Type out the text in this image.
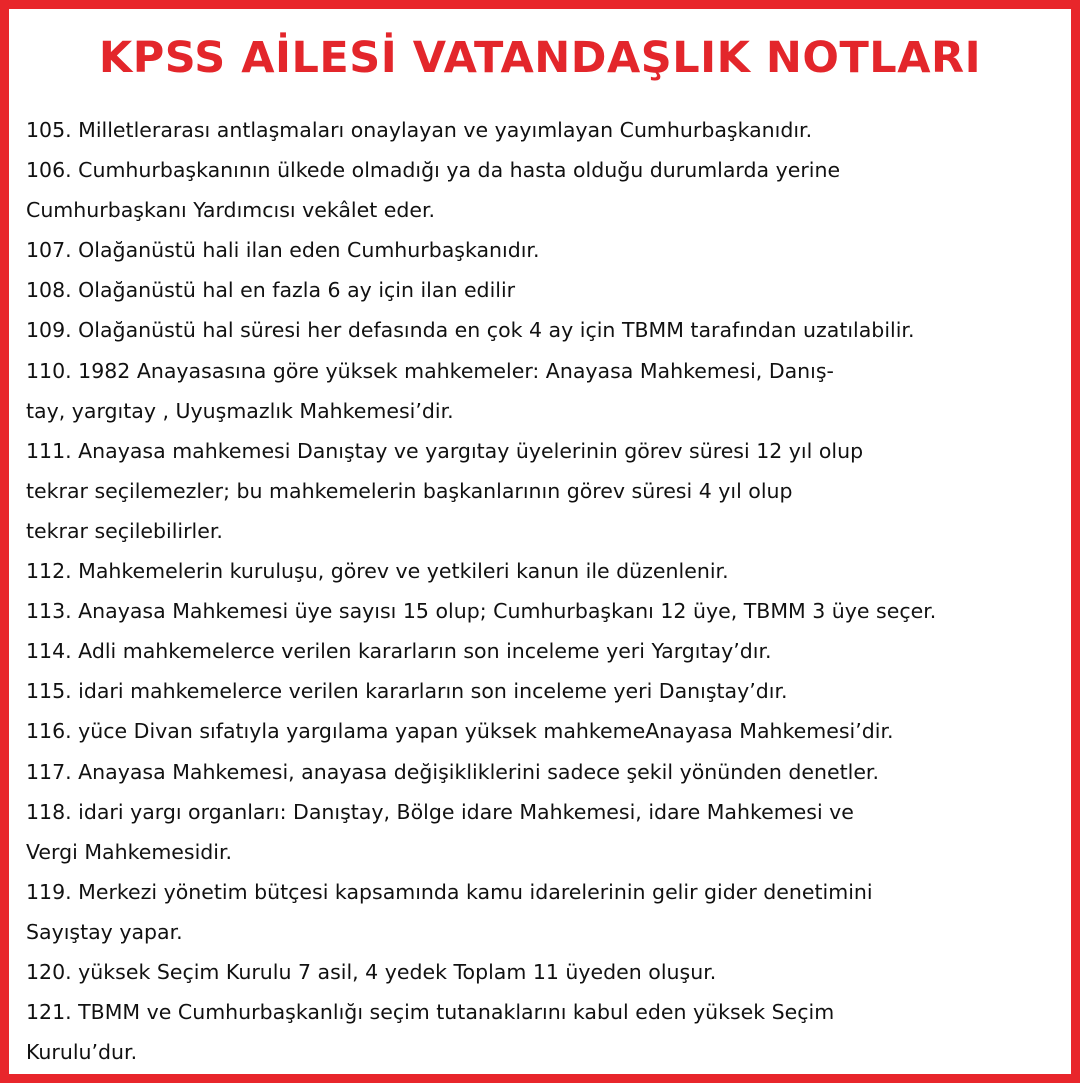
KPSS AİLESİ VATANDAŞLIK NOTLARI
105. Milletlerarası antlaşmaları onaylayan ve yayımlayan Cumhurbaşkanıdır.
106. Cumhurbaşkanının ülkede olmadığı ya da hasta olduğu durumlarda yerine
Cumhurbaşkanı Yardımcısı vekâlet eder.
107. Olağanüstü hali ilan eden Cumhurbaşkanıdır.
108. Olağanüstü hal en fazla 6 ay için ilan edilir
109. Olağanüstü hal süresi her defasında en çok 4 ay için TBMM tarafından uzatılabilir.
110. 1982 Anayasasına göre yüksek mahkemeler: Anayasa Mahkemesi, Danış-
tay, yargıtay , Uyuşmazlık Mahkemesi’dir.
111. Anayasa mahkemesi Danıştay ve yargıtay üyelerinin görev süresi 12 yıl olup
tekrar seçilemezler; bu mahkemelerin başkanlarının görev süresi 4 yıl olup
tekrar seçilebilirler.
112. Mahkemelerin kuruluşu, görev ve yetkileri kanun ile düzenlenir.
113. Anayasa Mahkemesi üye sayısı 15 olup; Cumhurbaşkanı 12 üye, TBMM 3 üye seçer.
114. Adli mahkemelerce verilen kararların son inceleme yeri Yargıtay’dır.
115. idari mahkemelerce verilen kararların son inceleme yeri Danıştay’dır.
116. yüce Divan sıfatıyla yargılama yapan yüksek mahkemeAnayasa Mahkemesi’dir.
117. Anayasa Mahkemesi, anayasa değişikliklerini sadece şekil yönünden denetler.
118. idari yargı organları: Danıştay, Bölge idare Mahkemesi, idare Mahkemesi ve
Vergi Mahkemesidir.
119. Merkezi yönetim bütçesi kapsamında kamu idarelerinin gelir gider denetimini
Sayıştay yapar.
120. yüksek Seçim Kurulu 7 asil, 4 yedek Toplam 11 üyeden oluşur.
121. TBMM ve Cumhurbaşkanlığı seçim tutanaklarını kabul eden yüksek Seçim
Kurulu’dur.
